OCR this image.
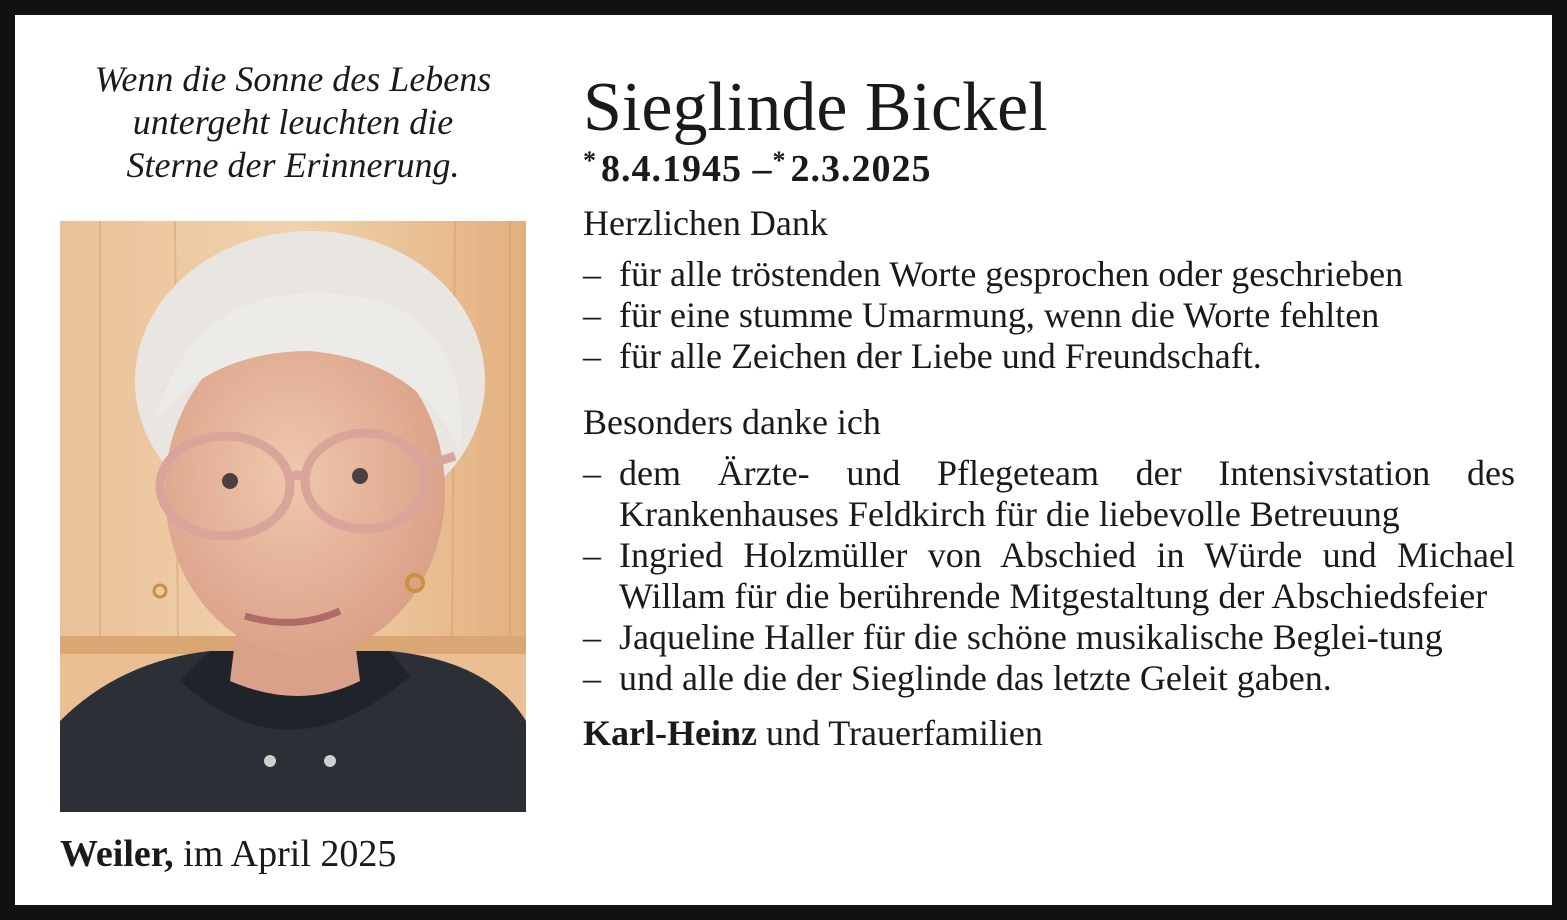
Wenn die Sonne des Lebens
untergeht leuchten die
Sterne der Erinnerung.
Weiler, im April 2025
Sieglinde Bickel
* 8.4.1945 –* 2.3.2025
Herzlichen Dank
– für alle tröstenden Worte gesprochen oder geschrieben
– für eine stumme Umarmung, wenn die Worte fehlten
– für alle Zeichen der Liebe und Freundschaft.
Besonders danke ich
– dem Ärzte- und Pflegeteam der Intensivstation des Krankenhauses Feldkirch für die liebevolle Betreuung
– Ingried Holzmüller von Abschied in Würde und Michael Willam für die berührende Mitgestaltung der Abschiedsfeier
– Jaqueline Haller für die schöne musikalische Beglei-tung
– und alle die der Sieglinde das letzte Geleit gaben.
Karl-Heinz und Trauerfamilien
